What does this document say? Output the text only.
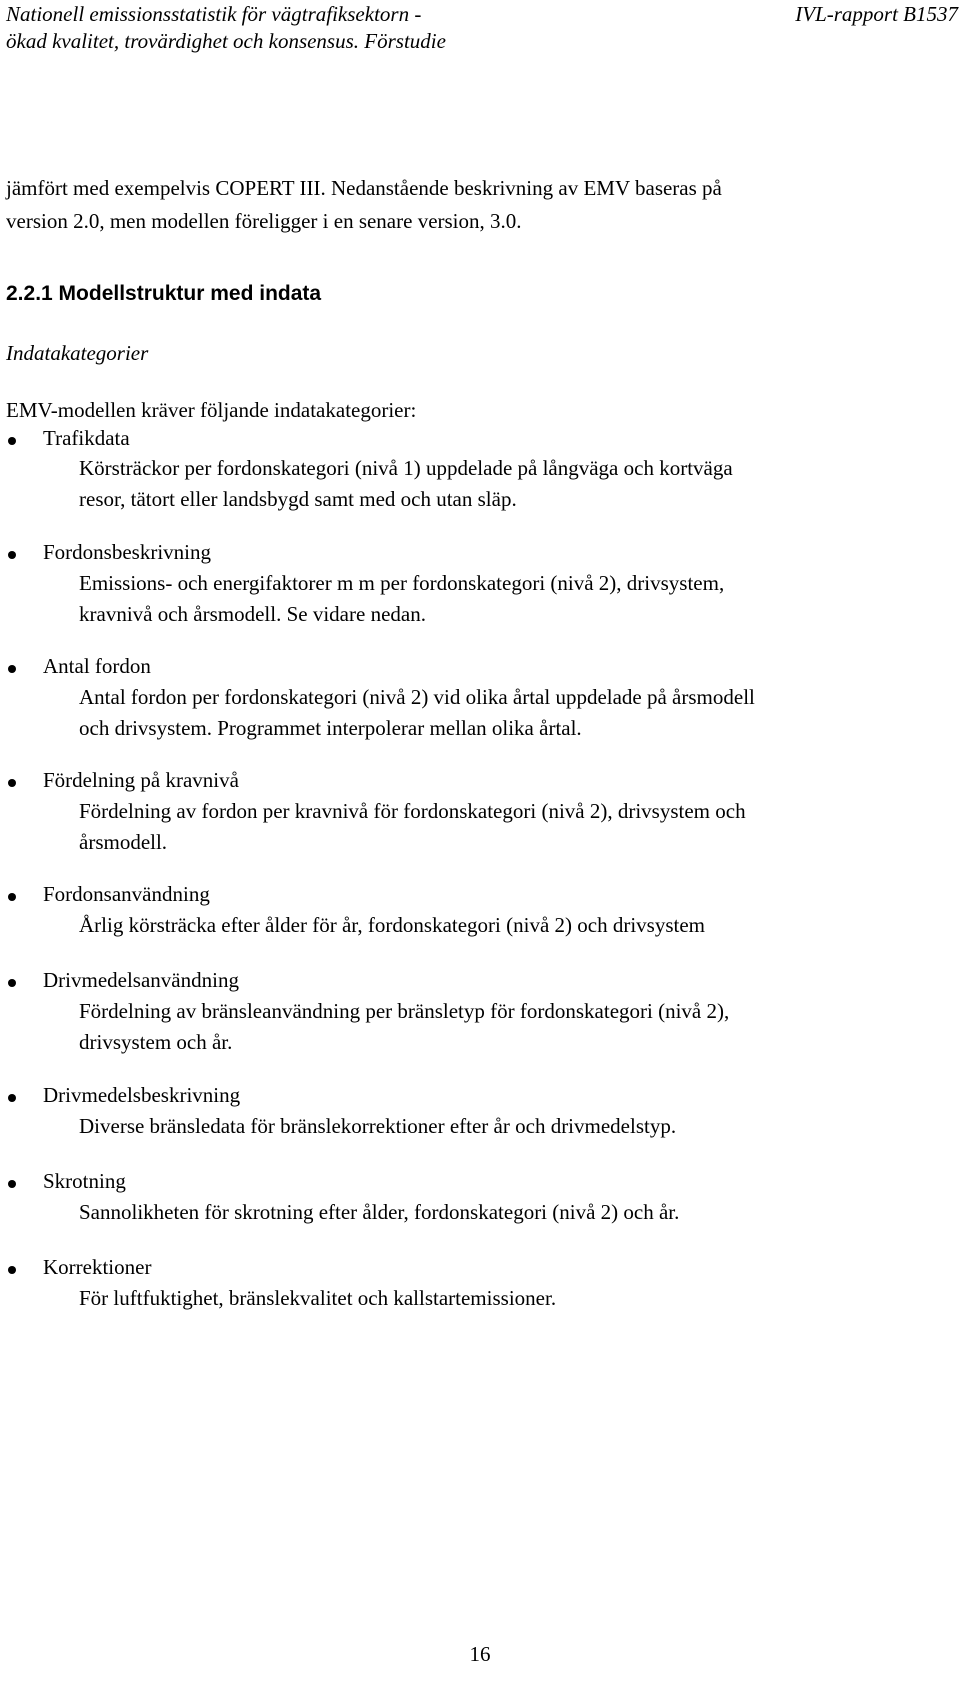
Nationell emissionsstatistik för vägtrafiksektorn -
ökad kvalitet, trovärdighet och konsensus. Förstudie
IVL-rapport B1537
jämfört med exempelvis COPERT III. Nedanstående beskrivning av EMV baseras på
version 2.0, men modellen föreligger i en senare version, 3.0.
2.2.1 Modellstruktur med indata
Indatakategorier
EMV-modellen kräver följande indatakategorier:
Trafikdata
Körsträckor per fordonskategori (nivå 1) uppdelade på långväga och kortväga
resor, tätort eller landsbygd samt med och utan släp.
Fordonsbeskrivning
Emissions- och energifaktorer m m per fordonskategori (nivå 2), drivsystem,
kravnivå och årsmodell. Se vidare nedan.
Antal fordon
Antal fordon per fordonskategori (nivå 2) vid olika årtal uppdelade på årsmodell
och drivsystem. Programmet interpolerar mellan olika årtal.
Fördelning på kravnivå
Fördelning av fordon per kravnivå för fordonskategori (nivå 2), drivsystem och
årsmodell.
Fordonsanvändning
Årlig körsträcka efter ålder för år, fordonskategori (nivå 2) och drivsystem
Drivmedelsanvändning
Fördelning av bränsleanvändning per bränsletyp för fordonskategori (nivå 2),
drivsystem och år.
Drivmedelsbeskrivning
Diverse bränsledata för bränslekorrektioner efter år och drivmedelstyp.
Skrotning
Sannolikheten för skrotning efter ålder, fordonskategori (nivå 2) och år.
Korrektioner
För luftfuktighet, bränslekvalitet och kallstartemissioner.
16
